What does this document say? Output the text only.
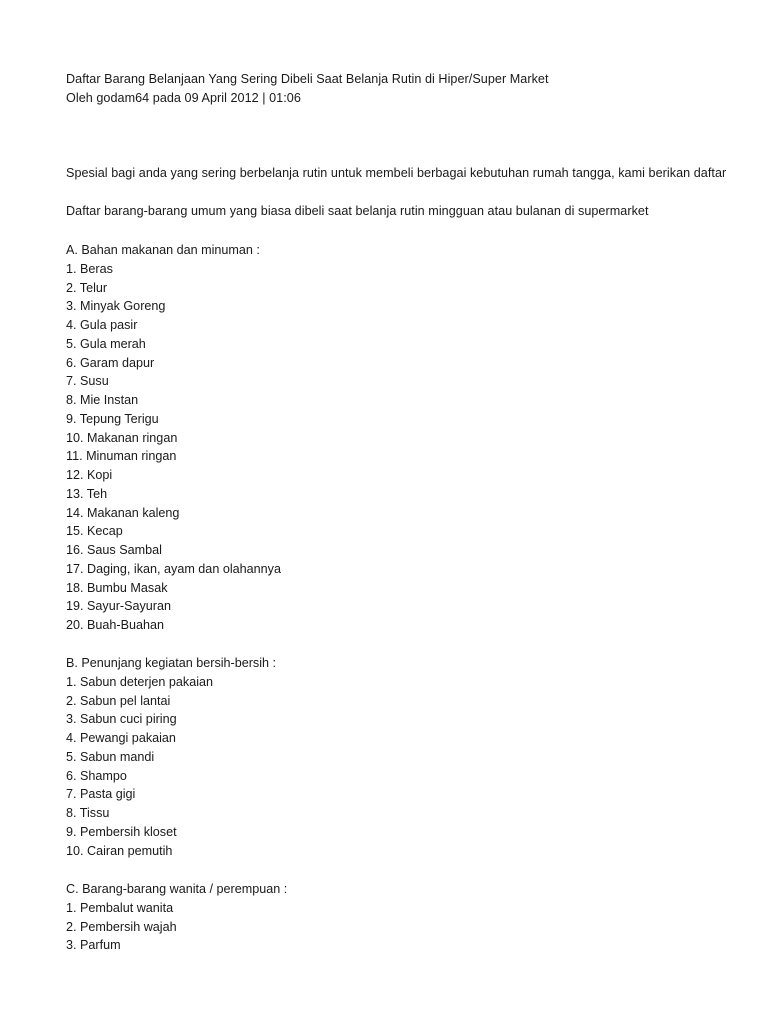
Daftar Barang Belanjaan Yang Sering Dibeli Saat Belanja Rutin di Hiper/Super Market
Oleh godam64 pada 09 April 2012 | 01:06
Spesial bagi anda yang sering berbelanja rutin untuk membeli berbagai kebutuhan rumah tangga, kami berikan daftar
Daftar barang-barang umum yang biasa dibeli saat belanja rutin mingguan atau bulanan di supermarket
A. Bahan makanan dan minuman :
1. Beras
2. Telur
3. Minyak Goreng
4. Gula pasir
5. Gula merah
6. Garam dapur
7. Susu
8. Mie Instan
9. Tepung Terigu
10. Makanan ringan
11. Minuman ringan
12. Kopi
13. Teh
14. Makanan kaleng
15. Kecap
16. Saus Sambal
17. Daging, ikan, ayam dan olahannya
18. Bumbu Masak
19. Sayur-Sayuran
20. Buah-Buahan
B. Penunjang kegiatan bersih-bersih :
1. Sabun deterjen pakaian
2. Sabun pel lantai
3. Sabun cuci piring
4. Pewangi pakaian
5. Sabun mandi
6. Shampo
7. Pasta gigi
8. Tissu
9. Pembersih kloset
10. Cairan pemutih
C. Barang-barang wanita / perempuan :
1. Pembalut wanita
2. Pembersih wajah
3. Parfum
